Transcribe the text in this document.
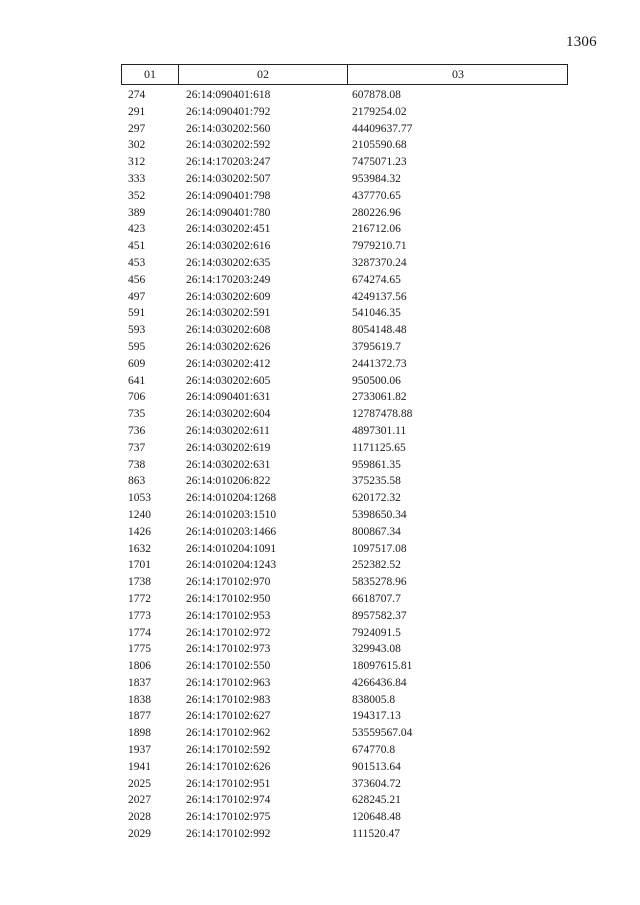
1306
01	02	03
274	26:14:090401:618	607878.08
291	26:14:090401:792	2179254.02
297	26:14:030202:560	44409637.77
302	26:14:030202:592	2105590.68
312	26:14:170203:247	7475071.23
333	26:14:030202:507	953984.32
352	26:14:090401:798	437770.65
389	26:14:090401:780	280226.96
423	26:14:030202:451	216712.06
451	26:14:030202:616	7979210.71
453	26:14:030202:635	3287370.24
456	26:14:170203:249	674274.65
497	26:14:030202:609	4249137.56
591	26:14:030202:591	541046.35
593	26:14:030202:608	8054148.48
595	26:14:030202:626	3795619.7
609	26:14:030202:412	2441372.73
641	26:14:030202:605	950500.06
706	26:14:090401:631	2733061.82
735	26:14:030202:604	12787478.88
736	26:14:030202:611	4897301.11
737	26:14:030202:619	1171125.65
738	26:14:030202:631	959861.35
863	26:14:010206:822	375235.58
1053	26:14:010204:1268	620172.32
1240	26:14:010203:1510	5398650.34
1426	26:14:010203:1466	800867.34
1632	26:14:010204:1091	1097517.08
1701	26:14:010204:1243	252382.52
1738	26:14:170102:970	5835278.96
1772	26:14:170102:950	6618707.7
1773	26:14:170102:953	8957582.37
1774	26:14:170102:972	7924091.5
1775	26:14:170102:973	329943.08
1806	26:14:170102:550	18097615.81
1837	26:14:170102:963	4266436.84
1838	26:14:170102:983	838005.8
1877	26:14:170102:627	194317.13
1898	26:14:170102:962	53559567.04
1937	26:14:170102:592	674770.8
1941	26:14:170102:626	901513.64
2025	26:14:170102:951	373604.72
2027	26:14:170102:974	628245.21
2028	26:14:170102:975	120648.48
2029	26:14:170102:992	111520.47
